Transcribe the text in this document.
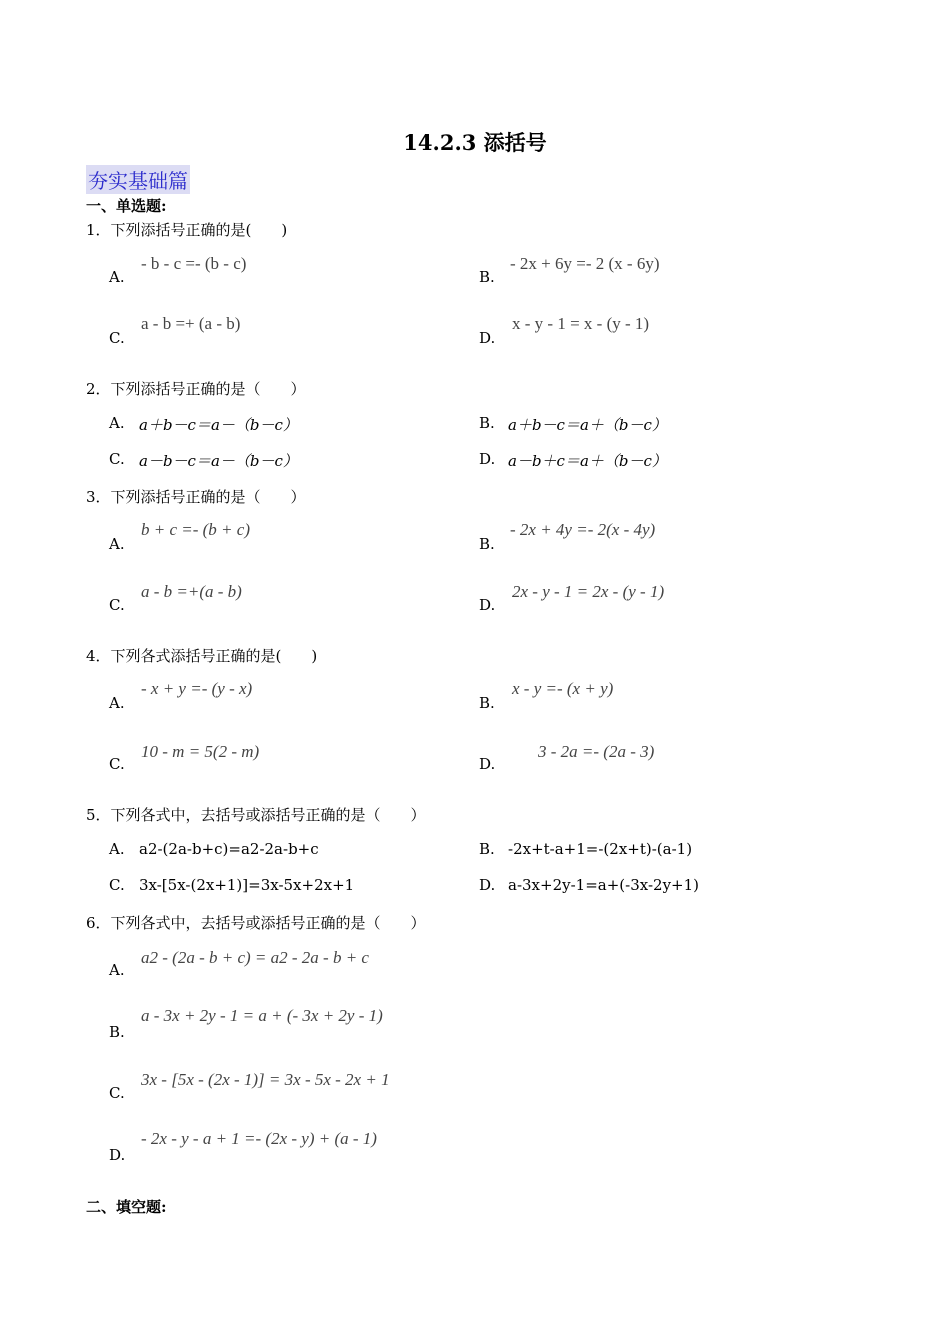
14.2.3 添括号
夯实基础篇
一、单选题:
1．下列添括号正确的是(　　)
A.
- b - c =- (b - c)
B.
- 2x + 6y =- 2 (x - 6y)
C.
a - b =+ (a - b)
D.
x - y - 1 = x - (y - 1)
2．下列添括号正确的是（　　）
A. a＋b－c＝a－（b－c）	B. a＋b－c＝a＋（b－c）
C. a－b－c＝a－（b－c）	D. a－b＋c＝a＋（b－c）
3．下列添括号正确的是（　　）
A.
b + c =- (b + c)
B.
- 2x + 4y =- 2(x - 4y)
C.
a - b =+(a - b)
D.
2x - y - 1 = 2x - (y - 1)
4．下列各式添括号正确的是(　　)
A.
- x + y =- (y - x)
B.
x - y =- (x + y)
C.
10 - m = 5(2 - m)
D.
3 - 2a =- (2a - 3)
5．下列各式中，去括号或添括号正确的是（　　）
A. a2-(2a-b+c)=a2-2a-b+c	B. -2x+t-a+1=-(2x+t)-(a-1)
C. 3x-[5x-(2x+1)]=3x-5x+2x+1	D. a-3x+2y-1=a+(-3x-2y+1)
6．下列各式中，去括号或添括号正确的是（　　）
A.
a2 - (2a - b + c) = a2 - 2a - b + c
B.
a - 3x + 2y - 1 = a + (- 3x + 2y - 1)
C.
3x - [5x - (2x - 1)] = 3x - 5x - 2x + 1
D.
- 2x - y - a + 1 =- (2x - y) + (a - 1)
二、填空题:
